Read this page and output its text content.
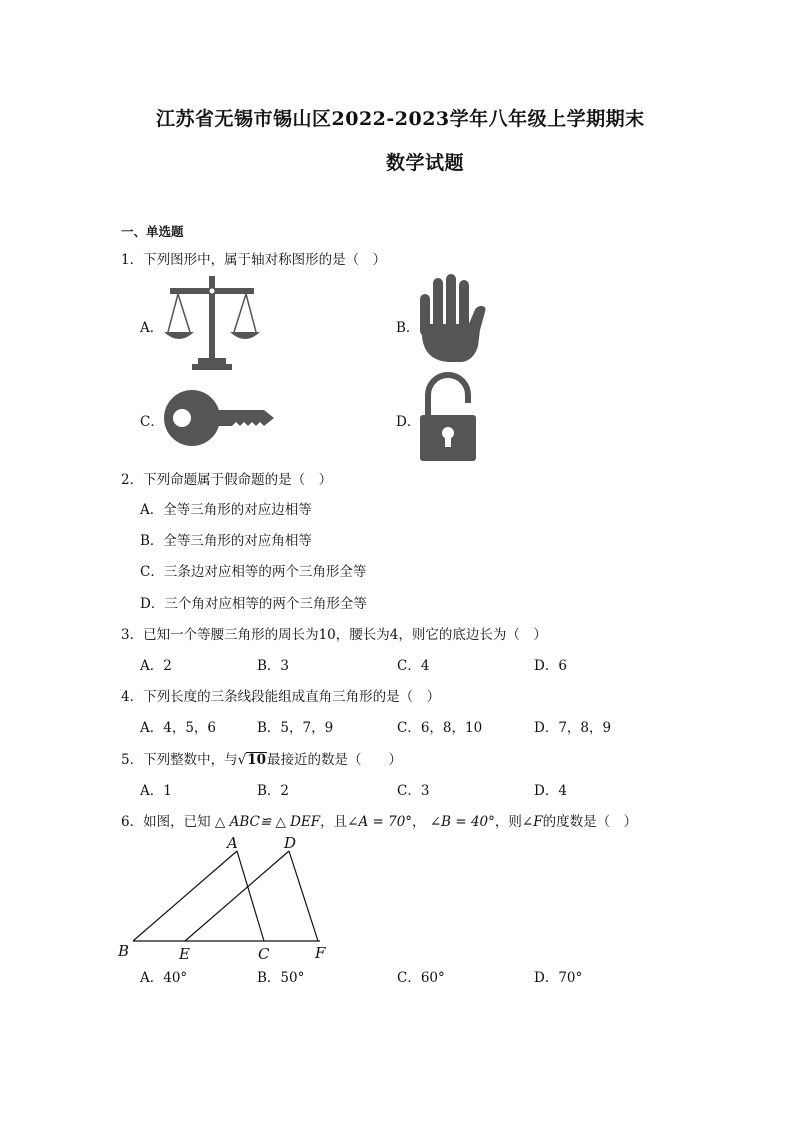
江苏省无锡市锡山区2022-2023学年八年级上学期期末
数学试题
一、单选题
1．下列图形中，属于轴对称图形的是（　）
A．	B．
C．	D．
2．下列命题属于假命题的是（　）
A．全等三角形的对应边相等
B．全等三角形的对应角相等
C．三条边对应相等的两个三角形全等
D．三个角对应相等的两个三角形全等
3．已知一个等腰三角形的周长为10，腰长为4，则它的底边长为（　）
A．2	B．3	C．4	D．6
4．下列长度的三条线段能组成直角三角形的是（　）
A．4，5，6	B．5，7，9	C．6，8，10	D．7，8，9
5．下列整数中，与√10最接近的数是（　　）
A．1	B．2	C．3	D．4
6．如图，已知 △ ABC≌ △ DEF，且∠A = 70°， ∠B = 40°，则∠F的度数是（　）
A	D
B	E	C	F
A．40°	B．50°	C．60°	D．70°
